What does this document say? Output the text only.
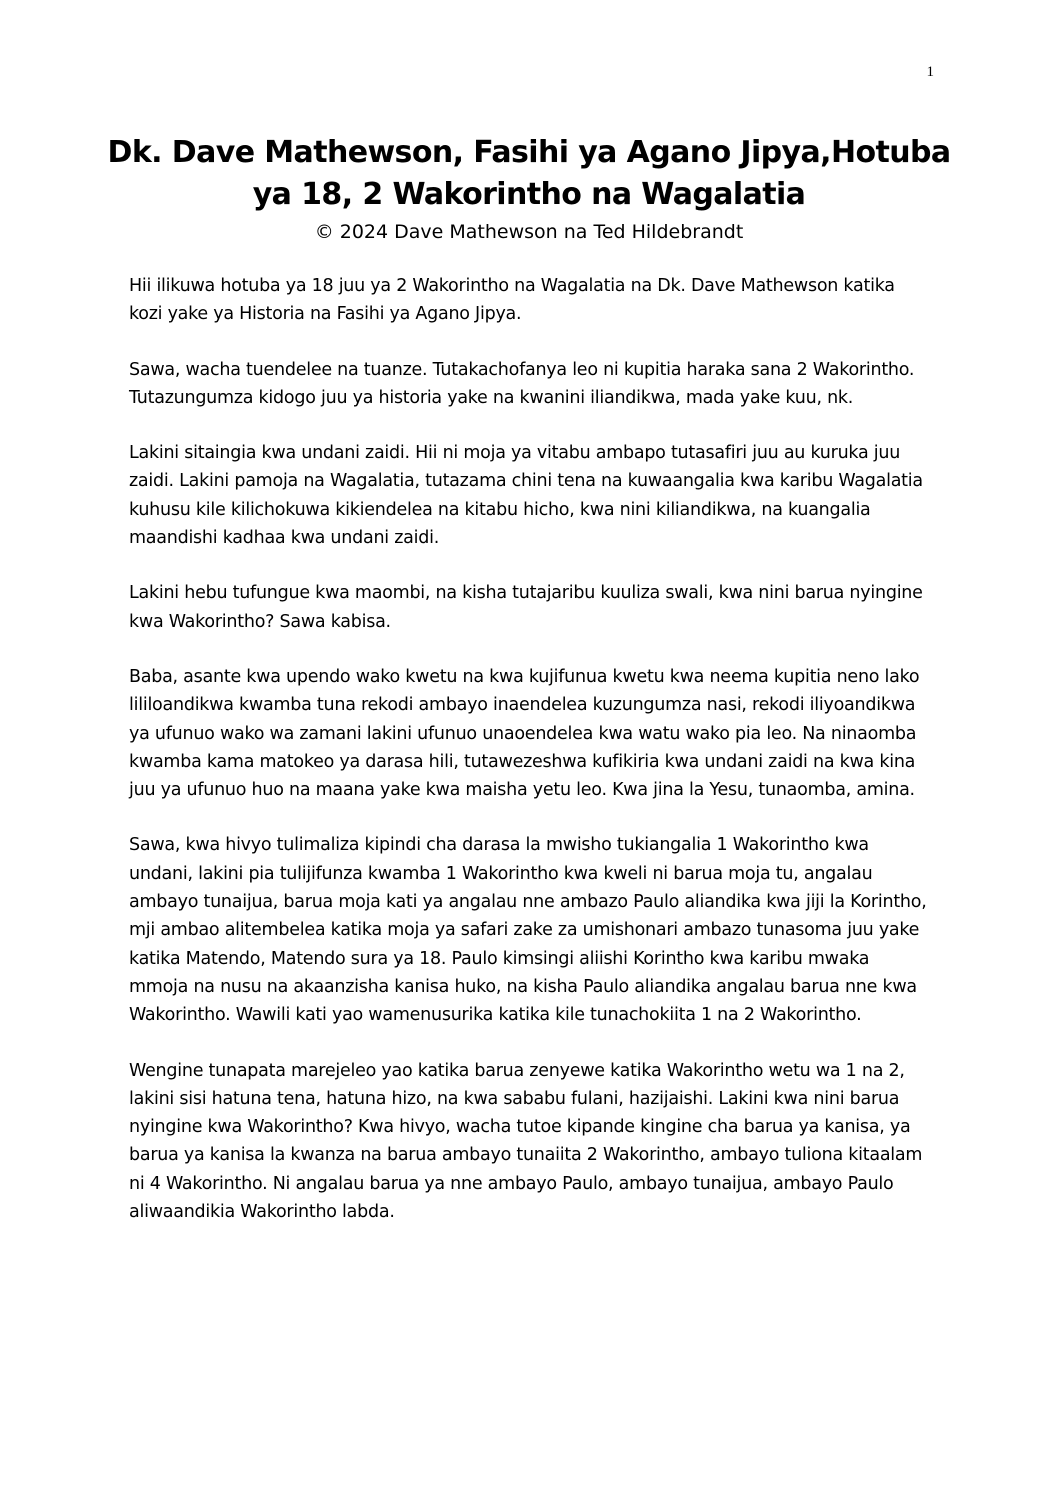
1
Dk. Dave Mathewson, Fasihi ya Agano Jipya,Hotuba
ya 18, 2 Wakorintho na Wagalatia
© 2024 Dave Mathewson na Ted Hildebrandt

Hii ilikuwa hotuba ya 18 juu ya 2 Wakorintho na Wagalatia na Dk. Dave Mathewson katika kozi yake ya Historia na Fasihi ya Agano Jipya.

Sawa, wacha tuendelee na tuanze. Tutakachofanya leo ni kupitia haraka sana 2 Wakorintho. Tutazungumza kidogo juu ya historia yake na kwanini iliandikwa, mada yake kuu, nk.

Lakini sitaingia kwa undani zaidi. Hii ni moja ya vitabu ambapo tutasafiri juu au kuruka juu zaidi. Lakini pamoja na Wagalatia, tutazama chini tena na kuwaangalia kwa karibu Wagalatia kuhusu kile kilichokuwa kikiendelea na kitabu hicho, kwa nini kiliandikwa, na kuangalia maandishi kadhaa kwa undani zaidi.

Lakini hebu tufungue kwa maombi, na kisha tutajaribu kuuliza swali, kwa nini barua nyingine kwa Wakorintho? Sawa kabisa.

Baba, asante kwa upendo wako kwetu na kwa kujifunua kwetu kwa neema kupitia neno lako lililoandikwa kwamba tuna rekodi ambayo inaendelea kuzungumza nasi, rekodi iliyoandikwa ya ufunuo wako wa zamani lakini ufunuo unaoendelea kwa watu wako pia leo. Na ninaomba kwamba kama matokeo ya darasa hili, tutawezeshwa kufikiria kwa undani zaidi na kwa kina juu ya ufunuo huo na maana yake kwa maisha yetu leo. Kwa jina la Yesu, tunaomba, amina.

Sawa, kwa hivyo tulimaliza kipindi cha darasa la mwisho tukiangalia 1 Wakorintho kwa undani, lakini pia tulijifunza kwamba 1 Wakorintho kwa kweli ni barua moja tu, angalau ambayo tunaijua, barua moja kati ya angalau nne ambazo Paulo aliandika kwa jiji la Korintho, mji ambao alitembelea katika moja ya safari zake za umishonari ambazo tunasoma juu yake katika Matendo, Matendo sura ya 18. Paulo kimsingi aliishi Korintho kwa karibu mwaka mmoja na nusu na akaanzisha kanisa huko, na kisha Paulo aliandika angalau barua nne kwa Wakorintho. Wawili kati yao wamenusurika katika kile tunachokiita 1 na 2 Wakorintho.

Wengine tunapata marejeleo yao katika barua zenyewe katika Wakorintho wetu wa 1 na 2, lakini sisi hatuna tena, hatuna hizo, na kwa sababu fulani, hazijaishi. Lakini kwa nini barua nyingine kwa Wakorintho? Kwa hivyo, wacha tutoe kipande kingine cha barua ya kanisa, ya barua ya kanisa la kwanza na barua ambayo tunaiita 2 Wakorintho, ambayo tuliona kitaalam ni 4 Wakorintho. Ni angalau barua ya nne ambayo Paulo, ambayo tunaijua, ambayo Paulo aliwaandikia Wakorintho labda.
